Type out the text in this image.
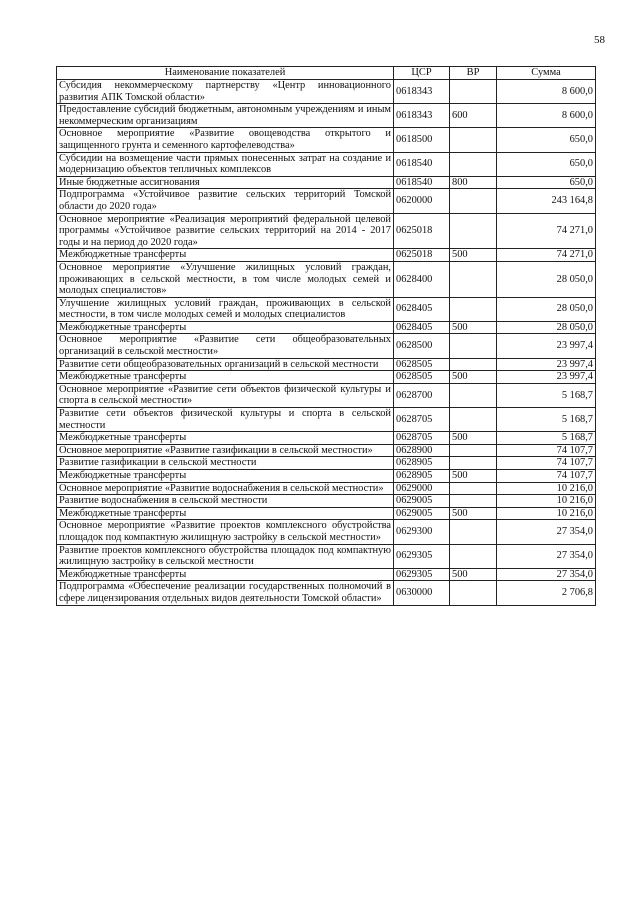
58
Наименование показателей	ЦСР	ВР	Сумма
Субсидия некоммерческому партнерству «Центр инновационного развития АПК Томской области»	0618343		8 600,0
Предоставление субсидий бюджетным, автономным учреждениям и иным некоммерческим организациям	0618343	600	8 600,0
Основное мероприятие «Развитие овощеводства открытого и защищенного грунта и семенного картофелеводства»	0618500		650,0
Субсидии на возмещение части прямых понесенных затрат на создание и модернизацию объектов тепличных комплексов	0618540		650,0
Иные бюджетные ассигнования	0618540	800	650,0
Подпрограмма «Устойчивое развитие сельских территорий Томской области до 2020 года»	0620000		243 164,8
Основное мероприятие «Реализация мероприятий федеральной целевой программы «Устойчивое развитие сельских территорий на 2014 - 2017 годы и на период до 2020 года»	0625018		74 271,0
Межбюджетные трансферты	0625018	500	74 271,0
Основное мероприятие «Улучшение жилищных условий граждан, проживающих в сельской местности, в том числе молодых семей и молодых специалистов»	0628400		28 050,0
Улучшение жилищных условий граждан, проживающих в сельской местности, в том числе молодых семей и молодых специалистов	0628405		28 050,0
Межбюджетные трансферты	0628405	500	28 050,0
Основное мероприятие «Развитие сети общеобразовательных организаций в сельской местности»	0628500		23 997,4
Развитие сети общеобразовательных организаций в сельской местности	0628505		23 997,4
Межбюджетные трансферты	0628505	500	23 997,4
Основное мероприятие «Развитие сети объектов физической культуры и спорта в сельской местности»	0628700		5 168,7
Развитие сети объектов физической культуры и спорта в сельской местности	0628705		5 168,7
Межбюджетные трансферты	0628705	500	5 168,7
Основное мероприятие «Развитие газификации в сельской местности»	0628900		74 107,7
Развитие газификации в сельской местности	0628905		74 107,7
Межбюджетные трансферты	0628905	500	74 107,7
Основное мероприятие «Развитие водоснабжения в сельской местности»	0629000		10 216,0
Развитие водоснабжения в сельской местности	0629005		10 216,0
Межбюджетные трансферты	0629005	500	10 216,0
Основное мероприятие «Развитие проектов комплексного обустройства площадок под компактную жилищную застройку в сельской местности»	0629300		27 354,0
Развитие проектов комплексного обустройства площадок под компактную жилищную застройку в сельской местности	0629305		27 354,0
Межбюджетные трансферты	0629305	500	27 354,0
Подпрограмма «Обеспечение реализации государственных полномочий в сфере лицензирования отдельных видов деятельности Томской области»	0630000		2 706,8
